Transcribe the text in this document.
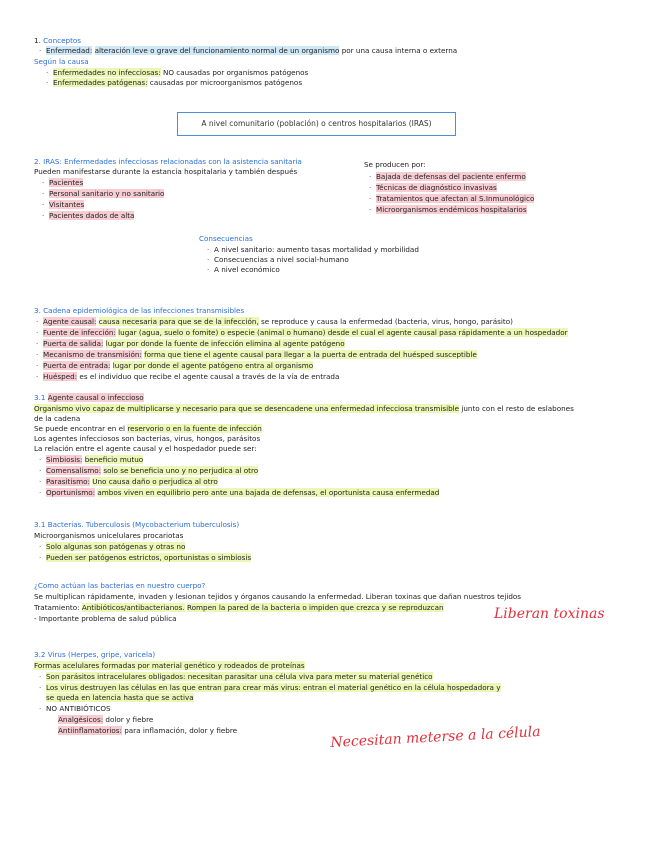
1. Conceptos
· Enfermedad: alteración leve o grave del funcionamiento normal de un organismo por una causa interna o externa
Según la causa
· Enfermedades no infecciosas: NO causadas por organismos patógenos
· Enfermedades patógenas: causadas por microorganismos patógenos
A nivel comunitario (población) o centros hospitalarios (IRAS)
2. IRAS: Enfermedades infecciosas relacionadas con la asistencia sanitaria
Pueden manifestarse durante la estancia hospitalaria y también después
· Pacientes
· Personal sanitario y no sanitario
· Visitantes
· Pacientes dados de alta
Se producen por:
· Bajada de defensas del paciente enfermo
· Técnicas de diagnóstico invasivas
· Tratamientos que afectan al S.Inmunológico
· Microorganismos endémicos hospitalarios
Consecuencias
· A nivel sanitario: aumento tasas mortalidad y morbilidad
· Consecuencias a nivel social-humano
· A nivel económico
3. Cadena epidemiológica de las infecciones transmisibles
· Agente causal: causa necesaria para que se de la infección, se reproduce y causa la enfermedad (bacteria, virus, hongo, parásito)
· Fuente de infección: lugar (agua, suelo o fomite) o especie (animal o humano) desde el cual el agente causal pasa rápidamente a un hospedador
· Puerta de salida: lugar por donde la fuente de infección elimina al agente patógeno
· Mecanismo de transmisión: forma que tiene el agente causal para llegar a la puerta de entrada del huésped susceptible
· Puerta de entrada: lugar por donde el agente patógeno entra al organismo
· Huésped: es el individuo que recibe el agente causal a través de la vía de entrada
3.1 Agente causal o infeccioso
Organismo vivo capaz de multiplicarse y necesario para que se desencadene una enfermedad infecciosa transmisible junto con el resto de eslabones
de la cadena
Se puede encontrar en el reservorio o en la fuente de infección
Los agentes infecciosos son bacterias, virus, hongos, parásitos
La relación entre el agente causal y el hospedador puede ser:
· Simbiosis: beneficio mutuo
· Comensalismo: solo se beneficia uno y no perjudica al otro
· Parasitismo: Uno causa daño o perjudica al otro
· Oportunismo: ambos viven en equilibrio pero ante una bajada de defensas, el oportunista causa enfermedad
3.1 Bacterias. Tuberculosis (Mycobacterium tuberculosis)
Microorganismos unicelulares procariotas
· Solo algunas son patógenas y otras no
· Pueden ser patógenos estrictos, oportunistas o simbiosis
¿Como actúan las bacterias en nuestro cuerpo?
Se multiplican rápidamente, invaden y lesionan tejidos y órganos causando la enfermedad. Liberan toxinas que dañan nuestros tejidos
Tratamiento: Antibióticos/antibacterianos. Rompen la pared de la bacteria o impiden que crezca y se reproduzcan
- Importante problema de salud pública	Liberan toxinas
3.2 Virus (Herpes, gripe, varicela)
Formas acelulares formadas por material genético y rodeados de proteínas
· Son parásitos intracelulares obligados: necesitan parasitar una célula viva para meter su material genético
· Los virus destruyen las células en las que entran para crear más virus: entran el material genético en la célula hospedadora y
se queda en latencia hasta que se activa
· NO ANTIBIÓTICOS
Analgésicos: dolor y fiebre
Antiinflamatorios: para inflamación, dolor y fiebre	Necesitan meterse a la célula
